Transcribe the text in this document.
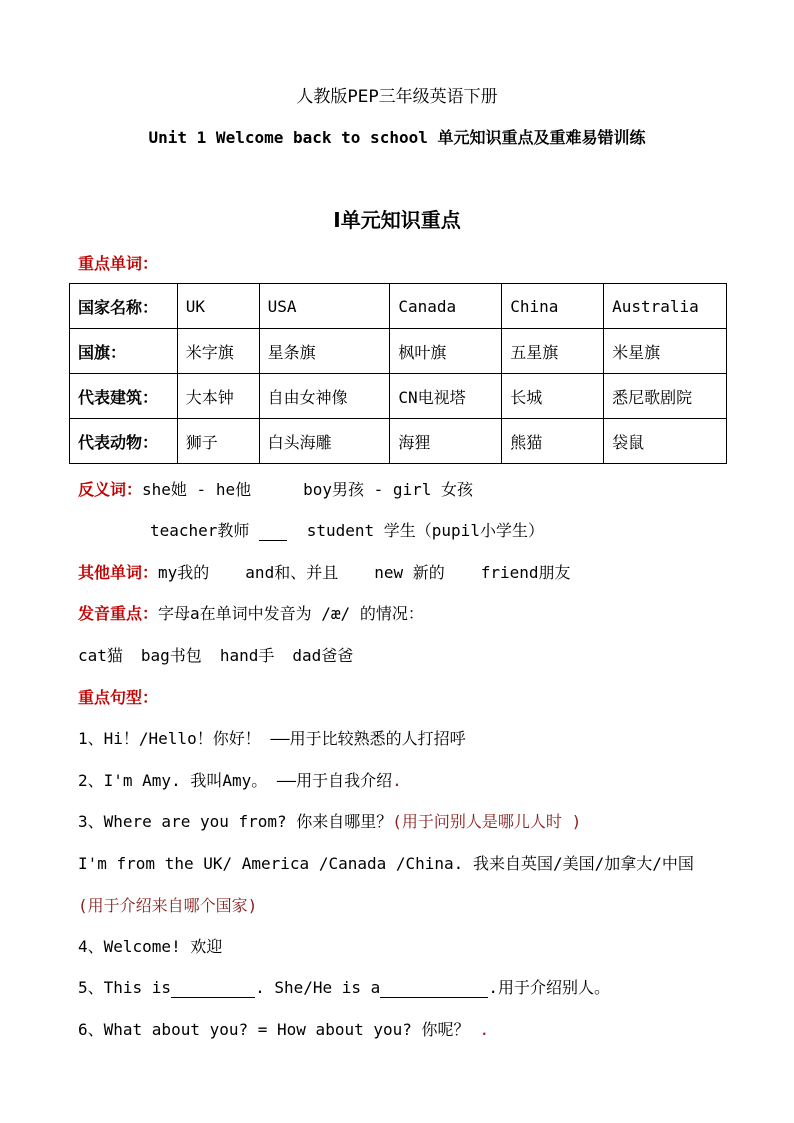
人教版PEP三年级英语下册
Unit 1 Welcome back to school 单元知识重点及重难易错训练
Ⅰ单元知识重点
重点单词：
国家名称：	UK	USA	Canada	China	Australia
国旗：	米字旗	星条旗	枫叶旗	五星旗	米星旗
代表建筑：	大本钟	自由女神像	CN电视塔	长城	悉尼歌剧院
代表动物：	狮子	白头海雕	海狸	熊猫	袋鼠
反义词：she她 - he他	boy男孩 - girl 女孩
teacher教师	student 学生（pupil小学生）
其他单词：my我的 and和、并且 new 新的 friend朋友
发音重点：字母a在单词中发音为 /æ/ 的情况：
cat猫 bag书包 hand手 dad爸爸
重点句型：
1、Hi！/Hello！你好！ ——用于比较熟悉的人打招呼
2、I'm Amy. 我叫Amy。 ——用于自我介绍.
3、Where are you from? 你来自哪里？(用于问别人是哪儿人时 )
I'm from the UK/ America /Canada /China. 我来自英国/美国/加拿大/中国
(用于介绍来自哪个国家)
4、Welcome! 欢迎
5、This is	. She/He is a	.用于介绍别人。
6、What about you? = How about you? 你呢？ .
